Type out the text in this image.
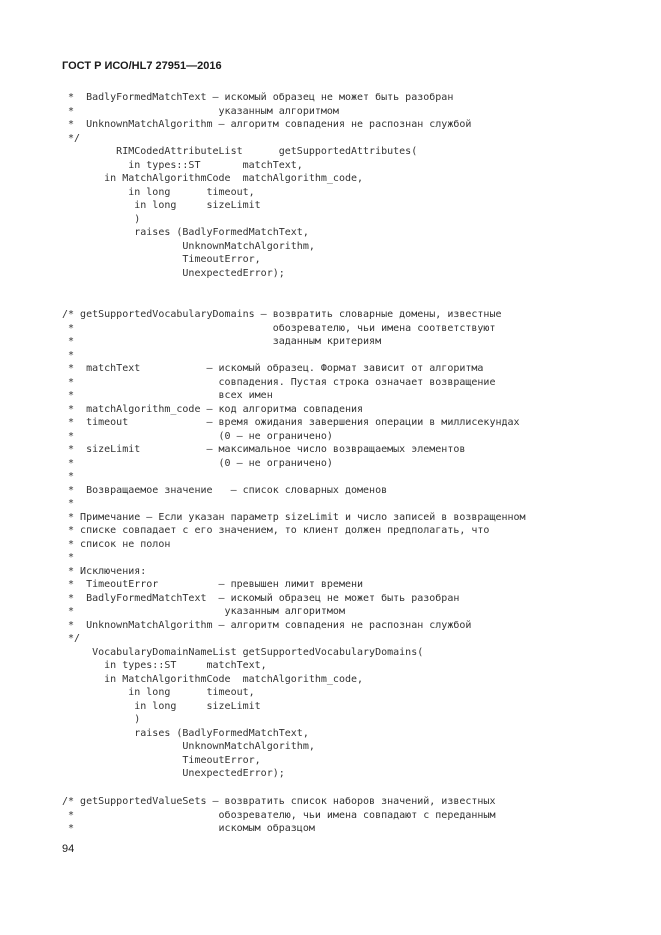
ГОСТ Р ИСО/HL7 27951—2016
*  BadlyFormedMatchText — искомый образец не может быть разобран
*                        указанным алгоритмом
*  UnknownMatchAlgorithm — алгоритм совпадения не распознан службой
*/
RIMCodedAttributeList      getSupportedAttributes(
in types::ST       matchText,
in MatchAlgorithmCode  matchAlgorithm_code,
in long      timeout,
in long     sizeLimit
)
raises (BadlyFormedMatchText,
UnknownMatchAlgorithm,
TimeoutError,
UnexpectedError);
/* getSupportedVocabularyDomains — возвратить словарные домены, известные
*                                 обозревателю, чьи имена соответствуют
*                                 заданным критериям
*
*  matchText           — искомый образец. Формат зависит от алгоритма
*                        совпадения. Пустая строка означает возвращение
*                        всех имен
*  matchAlgorithm_code — код алгоритма совпадения
*  timeout             — время ожидания завершения операции в миллисекундах
*                        (0 — не ограничено)
*  sizeLimit           — максимальное число возвращаемых элементов
*                        (0 — не ограничено)
*
*  Возвращаемое значение   — список словарных доменов
*
* Примечание — Если указан параметр sizeLimit и число записей в возвращенном
* списке совпадает с его значением, то клиент должен предполагать, что
* список не полон
*
* Исключения:
*  TimeoutError          — превышен лимит времени
*  BadlyFormedMatchText  — искомый образец не может быть разобран
*                         указанным алгоритмом
*  UnknownMatchAlgorithm — алгоритм совпадения не распознан службой
*/
VocabularyDomainNameList getSupportedVocabularyDomains(
in types::ST     matchText,
in MatchAlgorithmCode  matchAlgorithm_code,
in long      timeout,
in long     sizeLimit
)
raises (BadlyFormedMatchText,
UnknownMatchAlgorithm,
TimeoutError,
UnexpectedError);
/* getSupportedValueSets — возвратить список наборов значений, известных
*                        обозревателю, чьи имена совпадают с переданным
*                        искомым образцом
94
